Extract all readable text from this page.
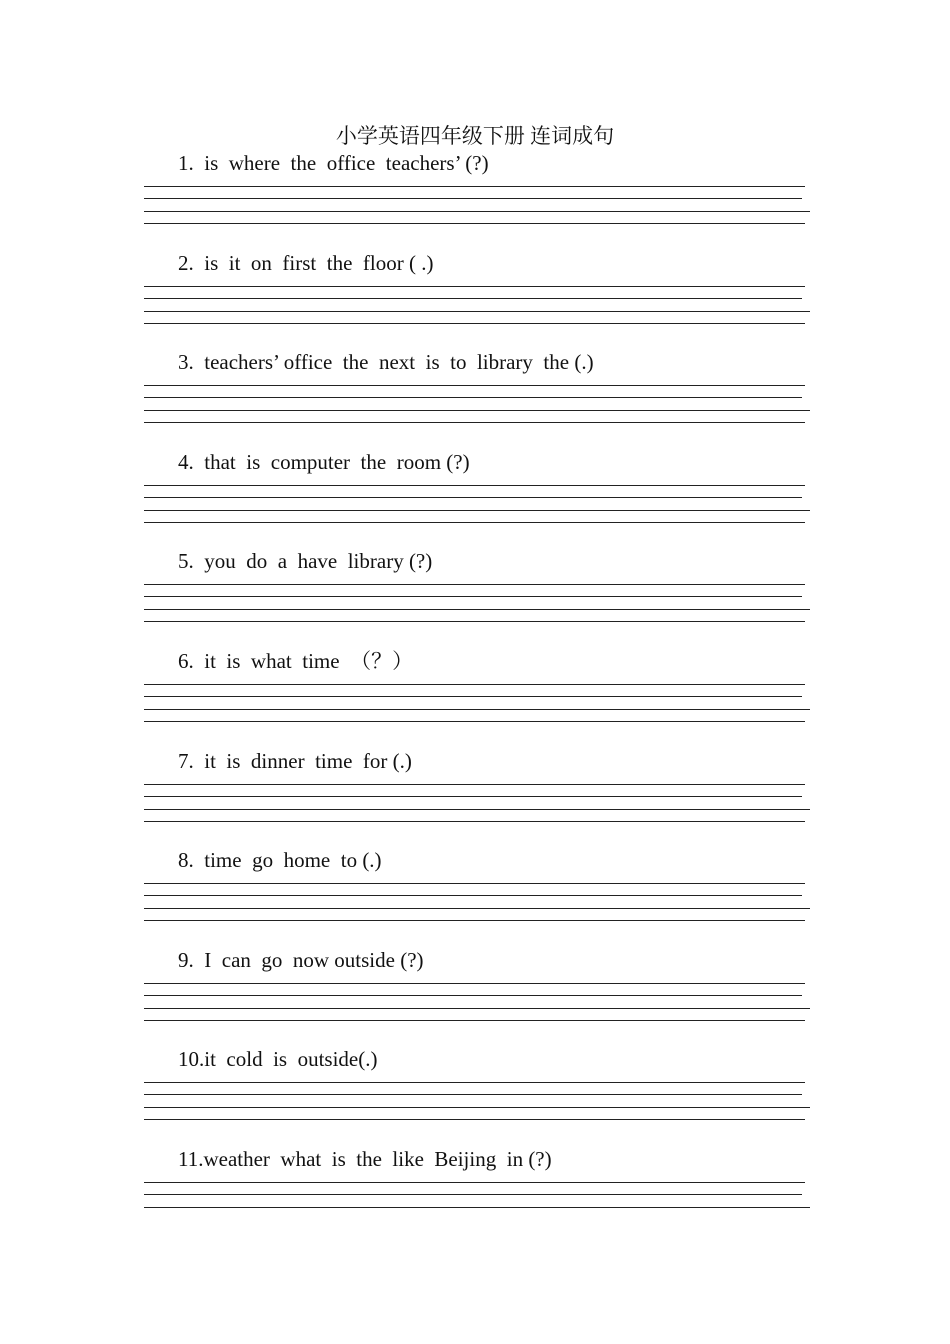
小学英语四年级下册 连词成句
1.  is  where  the  office  teachers’ (?)
2.  is  it  on  first  the  floor ( .)
3.  teachers’ office  the  next  is  to  library  the (.)
4.  that  is  computer  the  room (?)
5.  you  do  a  have  library (?)
6.  it  is  what  time  （？）
7.  it  is  dinner  time  for (.)
8.  time  go  home  to (.)
9.  I  can  go  now outside (?)
10.it  cold  is  outside(.)
11.weather  what  is  the  like  Beijing  in (?)
